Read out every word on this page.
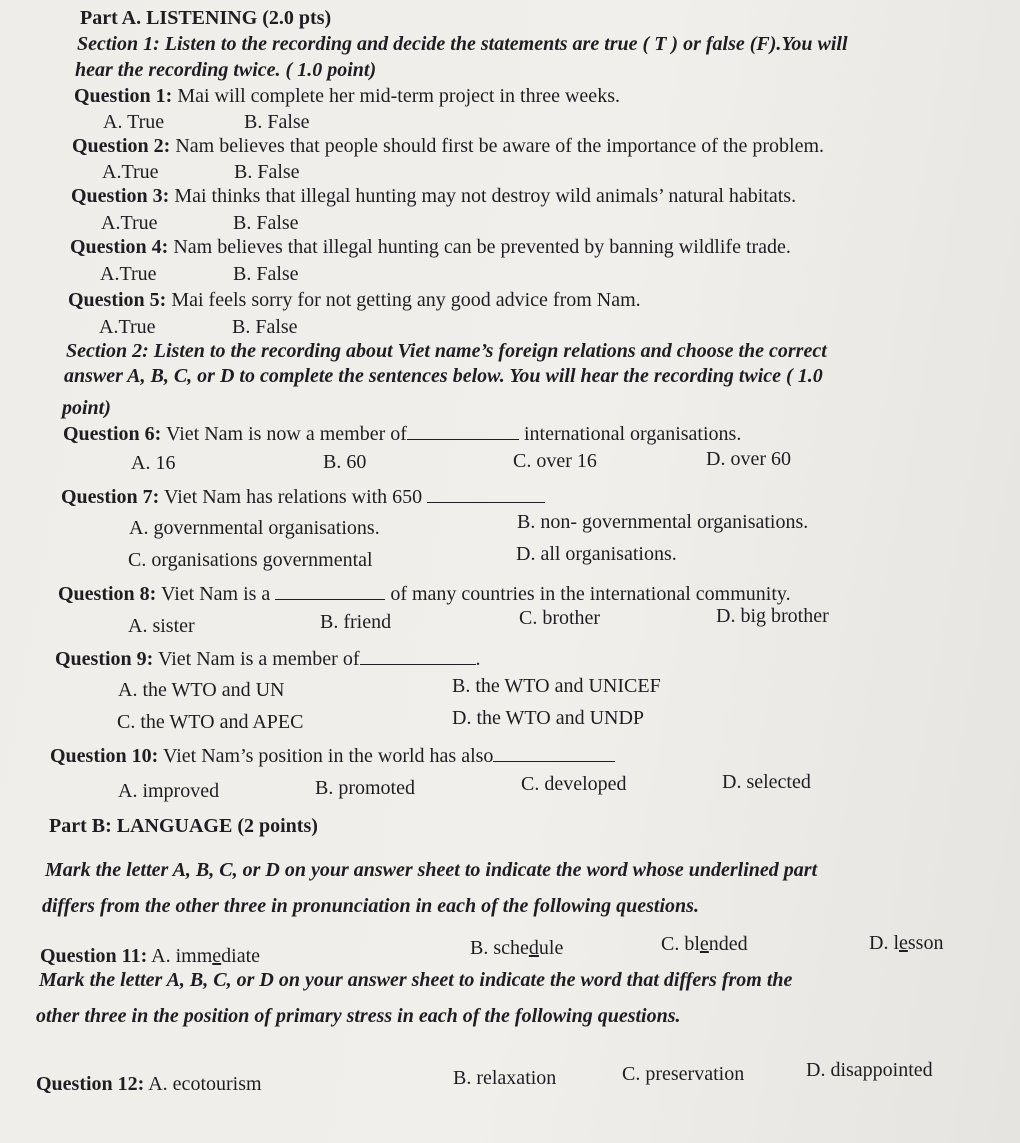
Part A. LISTENING (2.0 pts)
Section 1: Listen to the recording and decide the statements are true ( T ) or false (F).You will
hear the recording twice. ( 1.0 point)
Question 1: Mai will complete her mid-term project in three weeks.
A. True	B. False
Question 2: Nam believes that people should first be aware of the importance of the problem.
A.True	B. False
Question 3: Mai thinks that illegal hunting may not destroy wild animals’ natural habitats.
A.True	B. False
Question 4: Nam believes that illegal hunting can be prevented by banning wildlife trade.
A.True	B. False
Question 5: Mai feels sorry for not getting any good advice from Nam.
A.True	B. False
Section 2: Listen to the recording about Viet name’s foreign relations and choose the correct
answer A, B, C, or D to complete the sentences below. You will hear the recording twice ( 1.0
point)
Question 6: Viet Nam is now a member of	international organisations.
A. 16	B. 60	C. over 16	D. over 60
Question 7: Viet Nam has relations with 650
A. governmental organisations.	B. non- governmental organisations.
C. organisations governmental	D. all organisations.
Question 8: Viet Nam is a	of many countries in the international community.
A. sister	B. friend	C. brother	D. big brother
Question 9: Viet Nam is a member of	.
A. the WTO and UN	B. the WTO and UNICEF
C. the WTO and APEC	D. the WTO and UNDP
Question 10: Viet Nam’s position in the world has also
A. improved	B. promoted	C. developed	D. selected
Part B: LANGUAGE (2 points)
Mark the letter A, B, C, or D on your answer sheet to indicate the word whose underlined part
differs from the other three in pronunciation in each of the following questions.
Question 11: A. immediate	B. schedule	C. blended	D. lesson
Mark the letter A, B, C, or D on your answer sheet to indicate the word that differs from the
other three in the position of primary stress in each of the following questions.
Question 12: A. ecotourism	B. relaxation	C. preservation	D. disappointed
